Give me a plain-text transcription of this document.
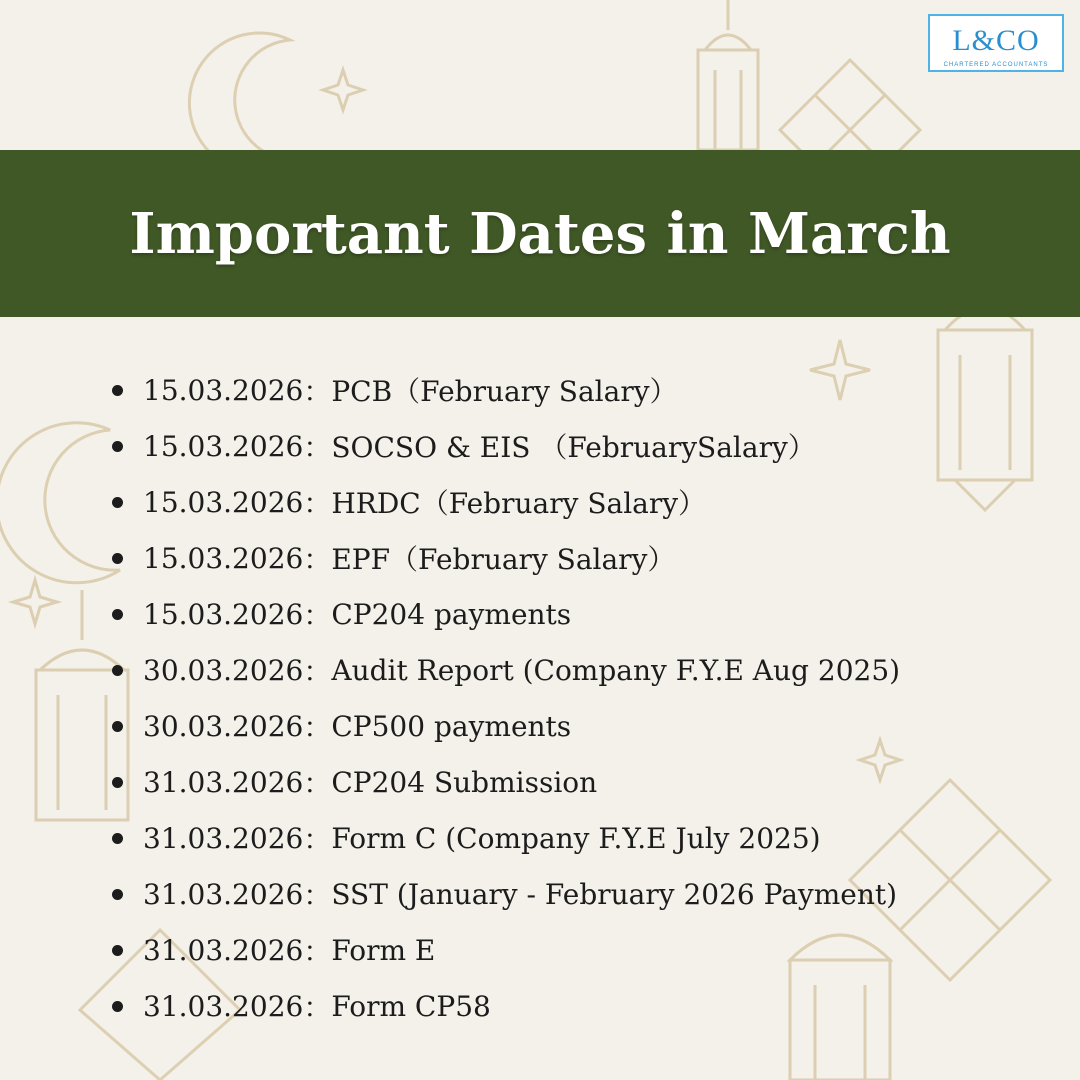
L&CO
CHARTERED ACCOUNTANTS
Important Dates in March
15.03.2026 ： PCB（February Salary）
15.03.2026 ： SOCSO & EIS （FebruarySalary）
15.03.2026 ： HRDC（February Salary）
15.03.2026 ： EPF（February Salary）
15.03.2026 ： CP204 payments
30.03.2026 ： Audit Report (Company F.Y.E Aug 2025)
30.03.2026 ： CP500 payments
31.03.2026 ： CP204 Submission
31.03.2026 ： Form C (Company F.Y.E July 2025)
31.03.2026 ： SST (January - February 2026 Payment)
31.03.2026 ： Form E
31.03.2026 ： Form CP58
